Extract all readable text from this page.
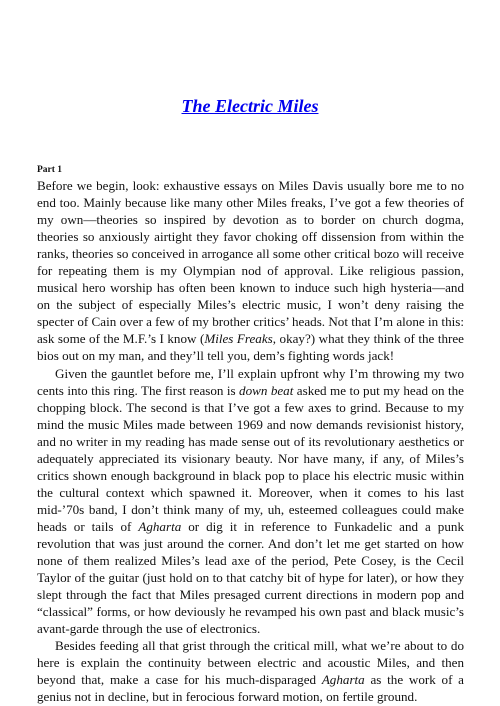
The Electric Miles
Part 1

Before we begin, look: exhaustive essays on Miles Davis usually bore me to no end too. Mainly because like many other Miles freaks, I’ve got a few theories of my own—theories so inspired by devotion as to border on church dogma, theories so anxiously airtight they favor choking off dissension from within the ranks, theories so conceived in arrogance all some other critical bozo will receive for repeating them is my Olympian nod of approval. Like religious passion, musical hero worship has often been known to induce such high hysteria—and on the subject of especially Miles’s electric music, I won’t deny raising the specter of Cain over a few of my brother critics’ heads. Not that I’m alone in this: ask some of the M.F.’s I know (Miles Freaks, okay?) what they think of the three bios out on my man, and they’ll tell you, dem’s fighting words jack!

Given the gauntlet before me, I’ll explain upfront why I’m throwing my two cents into this ring. The first reason is down beat asked me to put my head on the chopping block. The second is that I’ve got a few axes to grind. Because to my mind the music Miles made between 1969 and now demands revisionist history, and no writer in my reading has made sense out of its revolutionary aesthetics or adequately appreciated its visionary beauty. Nor have many, if any, of Miles’s critics shown enough background in black pop to place his electric music within the cultural context which spawned it. Moreover, when it comes to his last mid-’70s band, I don’t think many of my, uh, esteemed colleagues could make heads or tails of Agharta or dig it in reference to Funkadelic and a punk revolution that was just around the corner. And don’t let me get started on how none of them realized Miles’s lead axe of the period, Pete Cosey, is the Cecil Taylor of the guitar (just hold on to that catchy bit of hype for later), or how they slept through the fact that Miles presaged current directions in modern pop and “classical” forms, or how deviously he revamped his own past and black music’s avant-garde through the use of electronics.

Besides feeding all that grist through the critical mill, what we’re about to do here is explain the continuity between electric and acoustic Miles, and then beyond that, make a case for his much-disparaged Agharta as the work of a genius not in decline, but in ferocious forward motion, on fertile ground.
